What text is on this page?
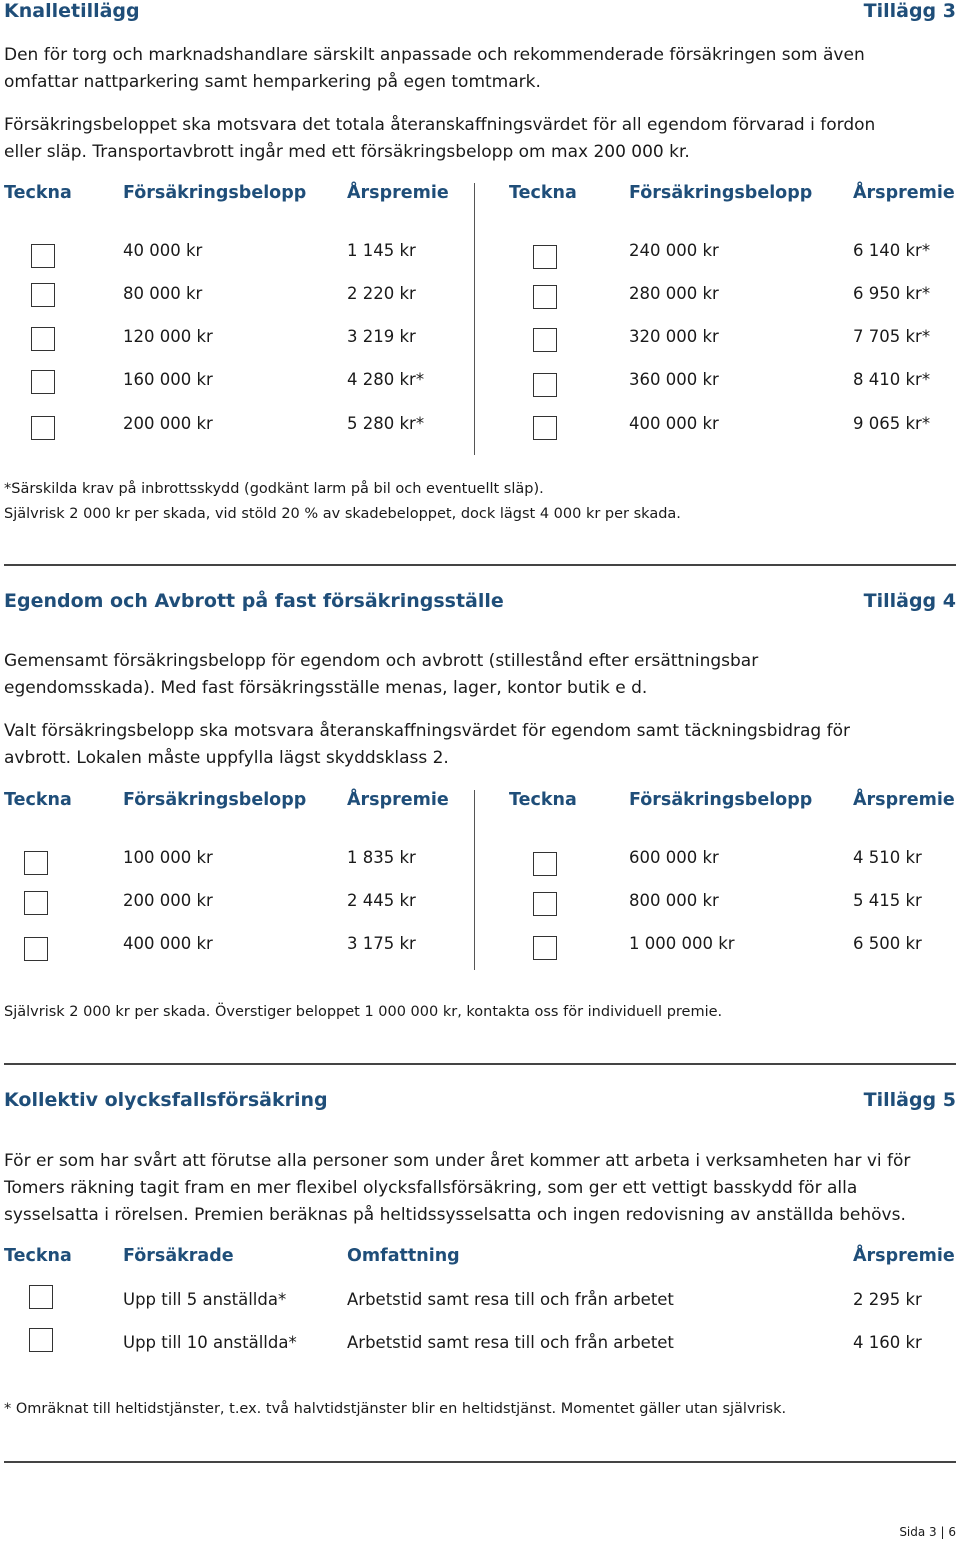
Knalletillägg	Tillägg 3
Den för torg och marknadshandlare särskilt anpassade och rekommenderade försäkringen som även
omfattar nattparkering samt hemparkering på egen tomtmark.
Försäkringsbeloppet ska motsvara det totala återanskaffningsvärdet för all egendom förvarad i fordon
eller släp. Transportavbrott ingår med ett försäkringsbelopp om max 200 000 kr.
Teckna	Försäkringsbelopp Årspremie	Teckna	Försäkringsbelopp Årspremie
40 000 kr	1 145 kr	240 000 kr	6 140 kr*
80 000 kr	2 220 kr	280 000 kr	6 950 kr*
120 000 kr	3 219 kr	320 000 kr	7 705 kr*
160 000 kr	4 280 kr*	360 000 kr	8 410 kr*
200 000 kr	5 280 kr*	400 000 kr	9 065 kr*
*Särskilda krav på inbrottsskydd (godkänt larm på bil och eventuellt släp).
Självrisk 2 000 kr per skada, vid stöld 20 % av skadebeloppet, dock lägst 4 000 kr per skada.
Egendom och Avbrott på fast försäkringsställe	Tillägg 4
Gemensamt försäkringsbelopp för egendom och avbrott (stillestånd efter ersättningsbar
egendomsskada). Med fast försäkringsställe menas, lager, kontor butik e d.
Valt försäkringsbelopp ska motsvara återanskaffningsvärdet för egendom samt täckningsbidrag för
avbrott. Lokalen måste uppfylla lägst skyddsklass 2.
Teckna	Försäkringsbelopp Årspremie	Teckna	Försäkringsbelopp Årspremie
100 000 kr	1 835 kr	600 000 kr	4 510 kr
200 000 kr	2 445 kr	800 000 kr	5 415 kr
400 000 kr	3 175 kr	1 000 000 kr	6 500 kr
Självrisk 2 000 kr per skada. Överstiger beloppet 1 000 000 kr, kontakta oss för individuell premie.
Kollektiv olycksfallsförsäkring	Tillägg 5
För er som har svårt att förutse alla personer som under året kommer att arbeta i verksamheten har vi för
Tomers räkning tagit fram en mer flexibel olycksfallsförsäkring, som ger ett vettigt basskydd för alla
sysselsatta i rörelsen. Premien beräknas på heltidssysselsatta och ingen redovisning av anställda behövs.
Teckna	Försäkrade	Omfattning	Årspremie
Upp till 5 anställda*	Arbetstid samt resa till och från arbetet	2 295 kr
Upp till 10 anställda*	Arbetstid samt resa till och från arbetet	4 160 kr
* Omräknat till heltidstjänster, t.ex. två halvtidstjänster blir en heltidstjänst. Momentet gäller utan självrisk.
Sida 3 | 6
